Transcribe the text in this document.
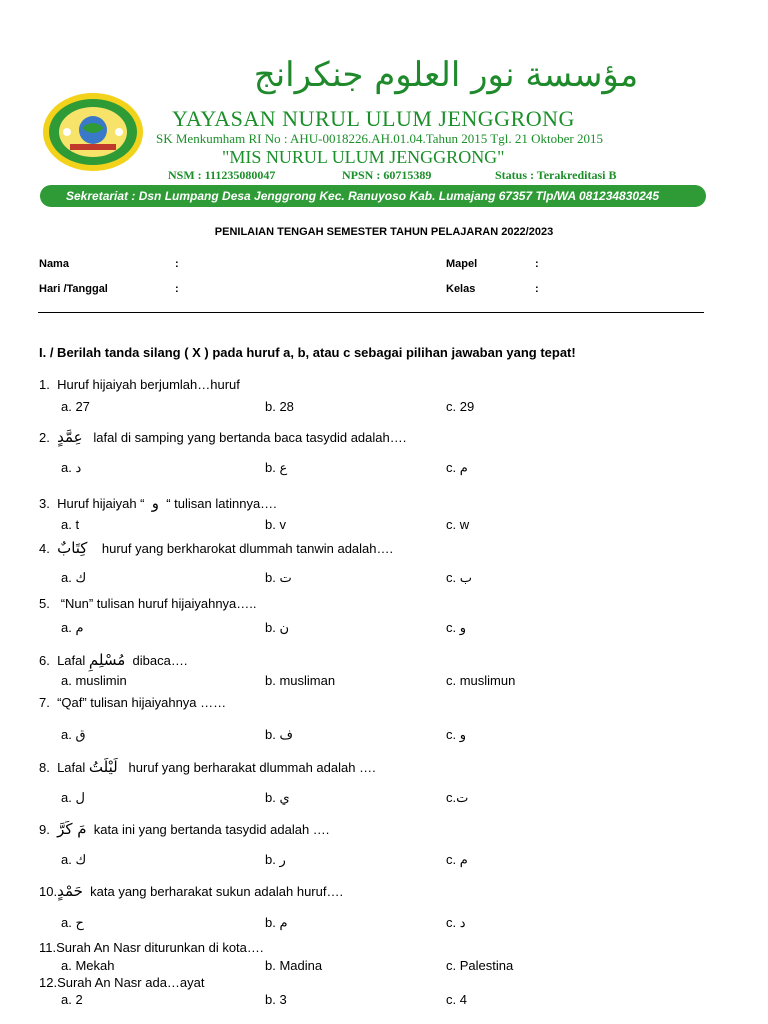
مؤسسة نور العلوم جنكرانج
YAYASAN NURUL ULUM JENGGRONG
SK Menkumham RI No : AHU-0018226.AH.01.04.Tahun 2015 Tgl. 21 Oktober 2015
"MIS NURUL ULUM JENGGRONG"
NSM : 111235080047	NPSN : 60715389	Status : Terakreditasi B
Sekretariat : Dsn Lumpang Desa Jenggrong Kec. Ranuyoso Kab. Lumajang 67357 Tlp/WA 081234830245
PENILAIAN TENGAH SEMESTER TAHUN PELAJARAN 2022/2023
Nama	:
Hari /Tanggal	:
Mapel	:
Kelas	:
I. / Berilah tanda silang ( X ) pada huruf a, b, atau c sebagai pilihan jawaban yang tepat!
1. Huruf hijaiyah berjumlah…huruf
a. 27	b. 28	c. 29
2. عِمَّدٍ lafal di samping yang bertanda baca tasydid adalah….
a. د	b. ع	c. م
3. Huruf hijaiyah “ و “ tulisan latinnya….
a. t	b. v	c. w
4. كِتَابٌ huruf yang berkharokat dlummah tanwin adalah….
a. ك	b. ت	c. ب
5. “Nun” tulisan huruf hijaiyahnya…..
a. م	b. ن	c. و
6. Lafal مُسْلِمِ dibaca….
a. muslimin	b. musliman	c. muslimun
7. “Qaf” tulisan hijaiyahnya ……
a. ق	b. ف	c. و
8. Lafal لَيْلَتُ huruf yang berharakat dlummah adalah ….
a. ل	b. ي	c.ت
9. مَ كَرَّ kata ini yang bertanda tasydid adalah ….
a. ك	b. ر	c. م
10.حَمْدٍ kata yang berharakat sukun adalah huruf….
a. ح	b. م	c. د
11.Surah An Nasr diturunkan di kota….
a. Mekah	b. Madina	c. Palestina
12.Surah An Nasr ada…ayat
a. 2	b. 3	c. 4
